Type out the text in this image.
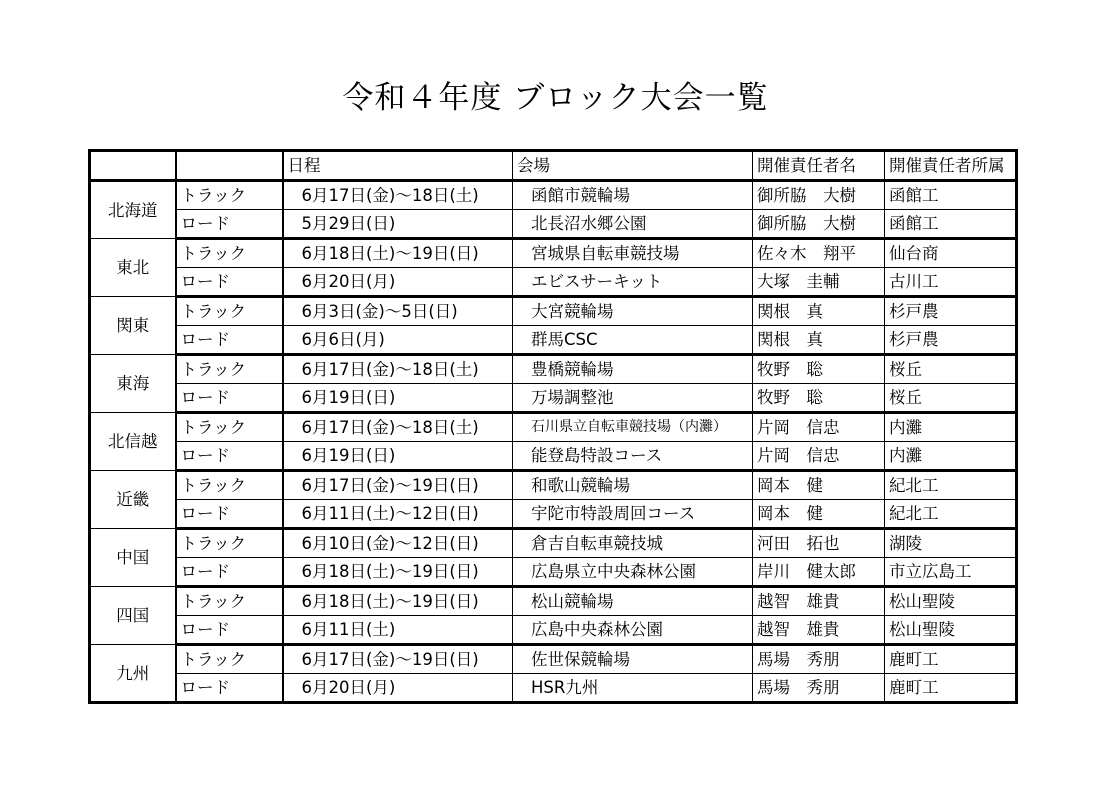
令和４年度 ブロック大会一覧
		日程	会場	開催責任者名	開催責任者所属
北海道	トラック	6月17日(金)～18日(土)	函館市競輪場	御所脇　大樹	函館工
	ロード	5月29日(日)	北長沼水郷公園	御所脇　大樹	函館工
東北	トラック	6月18日(土)～19日(日)	宮城県自転車競技場	佐々木　翔平	仙台商
	ロード	6月20日(月)	エビスサーキット	大塚　圭輔	古川工
関東	トラック	6月3日(金)～5日(日)	大宮競輪場	関根　真	杉戸農
	ロード	6月6日(月)	群馬CSC	関根　真	杉戸農
東海	トラック	6月17日(金)～18日(土)	豊橋競輪場	牧野　聡	桜丘
	ロード	6月19日(日)	万場調整池	牧野　聡	桜丘
北信越	トラック	6月17日(金)～18日(土)	石川県立自転車競技場（内灘）	片岡　信忠	内灘
	ロード	6月19日(日)	能登島特設コース	片岡　信忠	内灘
近畿	トラック	6月17日(金)～19日(日)	和歌山競輪場	岡本　健	紀北工
	ロード	6月11日(土)～12日(日)	宇陀市特設周回コース	岡本　健	紀北工
中国	トラック	6月10日(金)～12日(日)	倉吉自転車競技城	河田　拓也	湖陵
	ロード	6月18日(土)～19日(日)	広島県立中央森林公園	岸川　健太郎	市立広島工
四国	トラック	6月18日(土)～19日(日)	松山競輪場	越智　雄貴	松山聖陵
	ロード	6月11日(土)	広島中央森林公園	越智　雄貴	松山聖陵
九州	トラック	6月17日(金)～19日(日)	佐世保競輪場	馬場　秀朋	鹿町工
	ロード	6月20日(月)	HSR九州	馬場　秀朋	鹿町工
